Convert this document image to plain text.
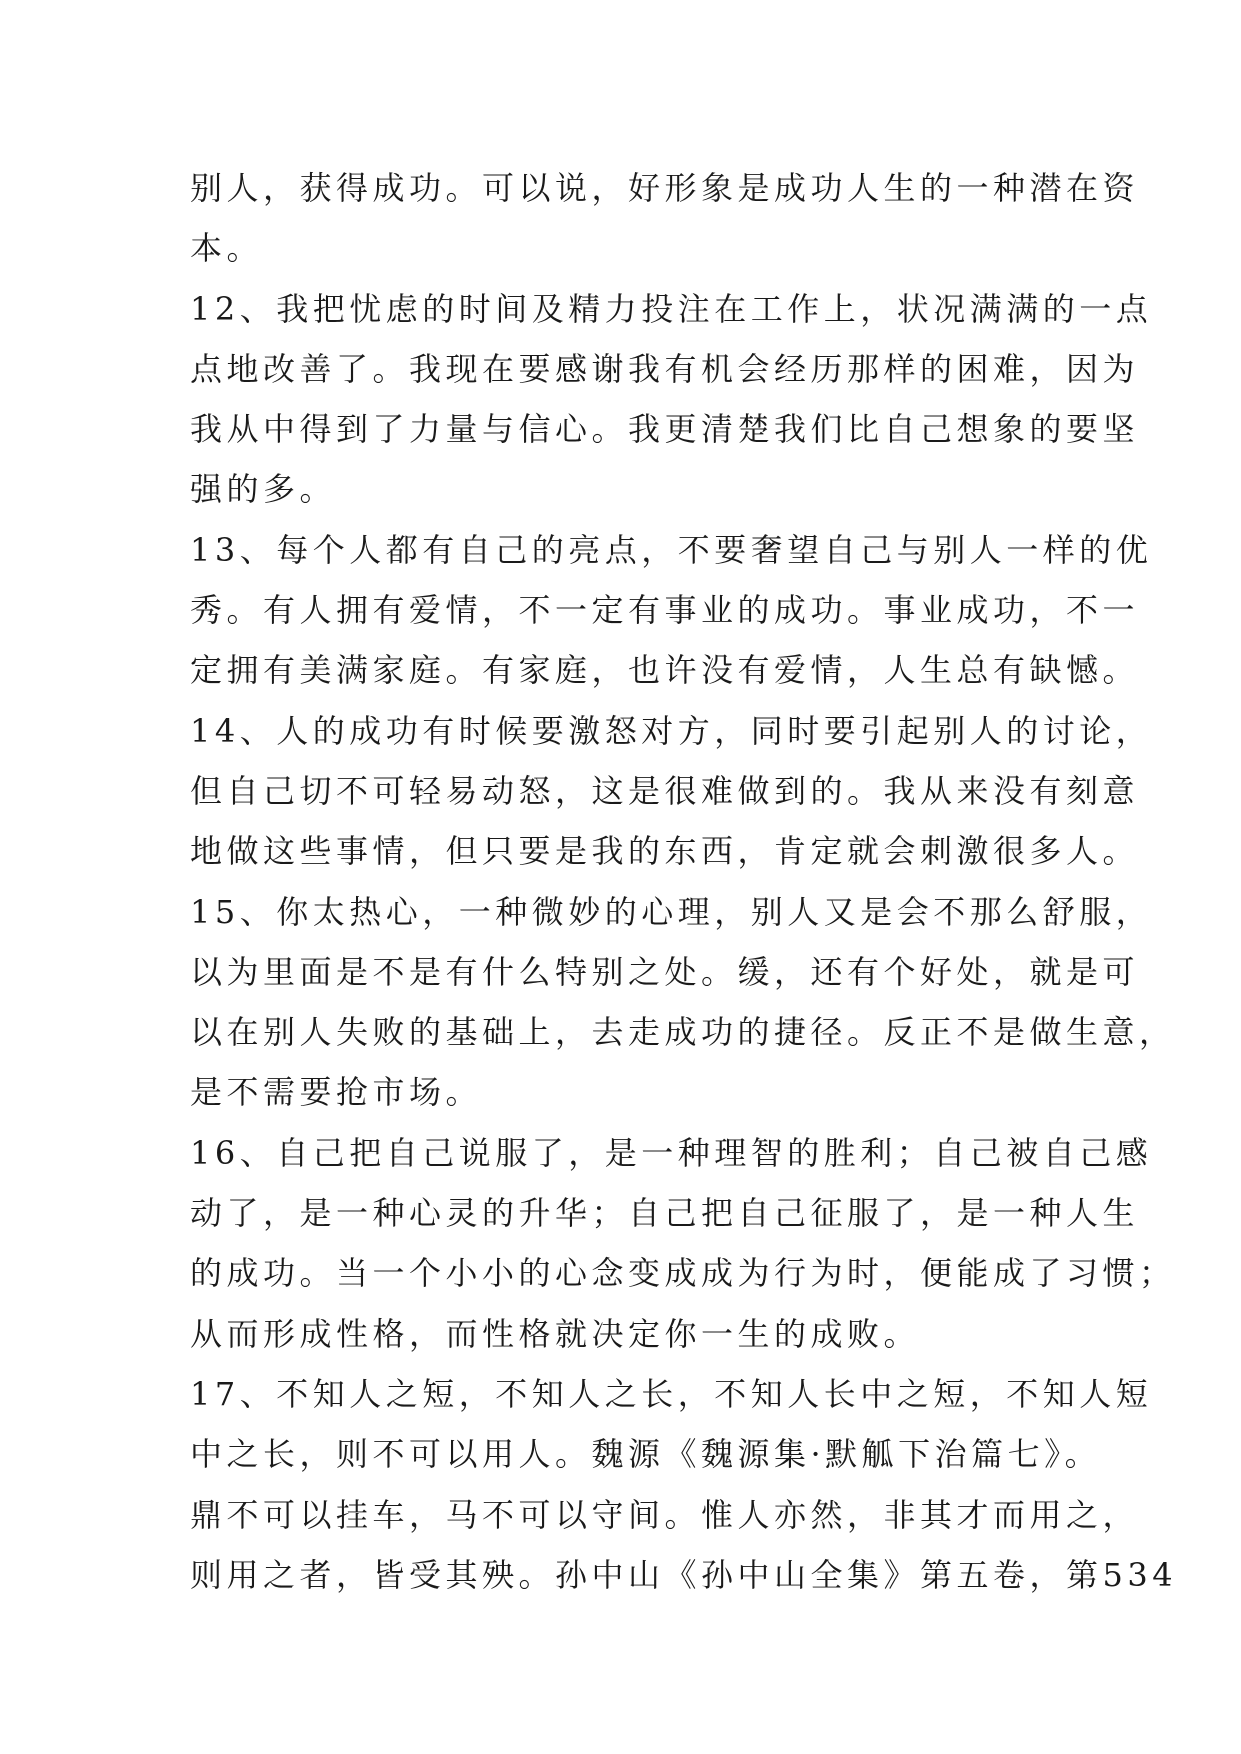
别人，获得成功。可以说，好形象是成功人生的一种潜在资
本。
12、我把忧虑的时间及精力投注在工作上，状况满满的一点
点地改善了。我现在要感谢我有机会经历那样的困难，因为
我从中得到了力量与信心。我更清楚我们比自己想象的要坚
强的多。
13、每个人都有自己的亮点，不要奢望自己与别人一样的优
秀。有人拥有爱情，不一定有事业的成功。事业成功，不一
定拥有美满家庭。有家庭，也许没有爱情，人生总有缺憾。
14、人的成功有时候要激怒对方，同时要引起别人的讨论，
但自己切不可轻易动怒，这是很难做到的。我从来没有刻意
地做这些事情，但只要是我的东西，肯定就会刺激很多人。
15、你太热心，一种微妙的心理，别人又是会不那么舒服，
以为里面是不是有什么特别之处。缓，还有个好处，就是可
以在别人失败的基础上，去走成功的捷径。反正不是做生意，
是不需要抢市场。
16、自己把自己说服了，是一种理智的胜利；自己被自己感
动了，是一种心灵的升华；自己把自己征服了，是一种人生
的成功。当一个小小的心念变成成为行为时，便能成了习惯；
从而形成性格，而性格就决定你一生的成败。
17、不知人之短，不知人之长，不知人长中之短，不知人短
中之长，则不可以用人。魏源《魏源集·默觚下治篇七》。
鼎不可以挂车，马不可以守间。惟人亦然，非其才而用之，
则用之者，皆受其殃。孙中山《孙中山全集》第五卷，第534
